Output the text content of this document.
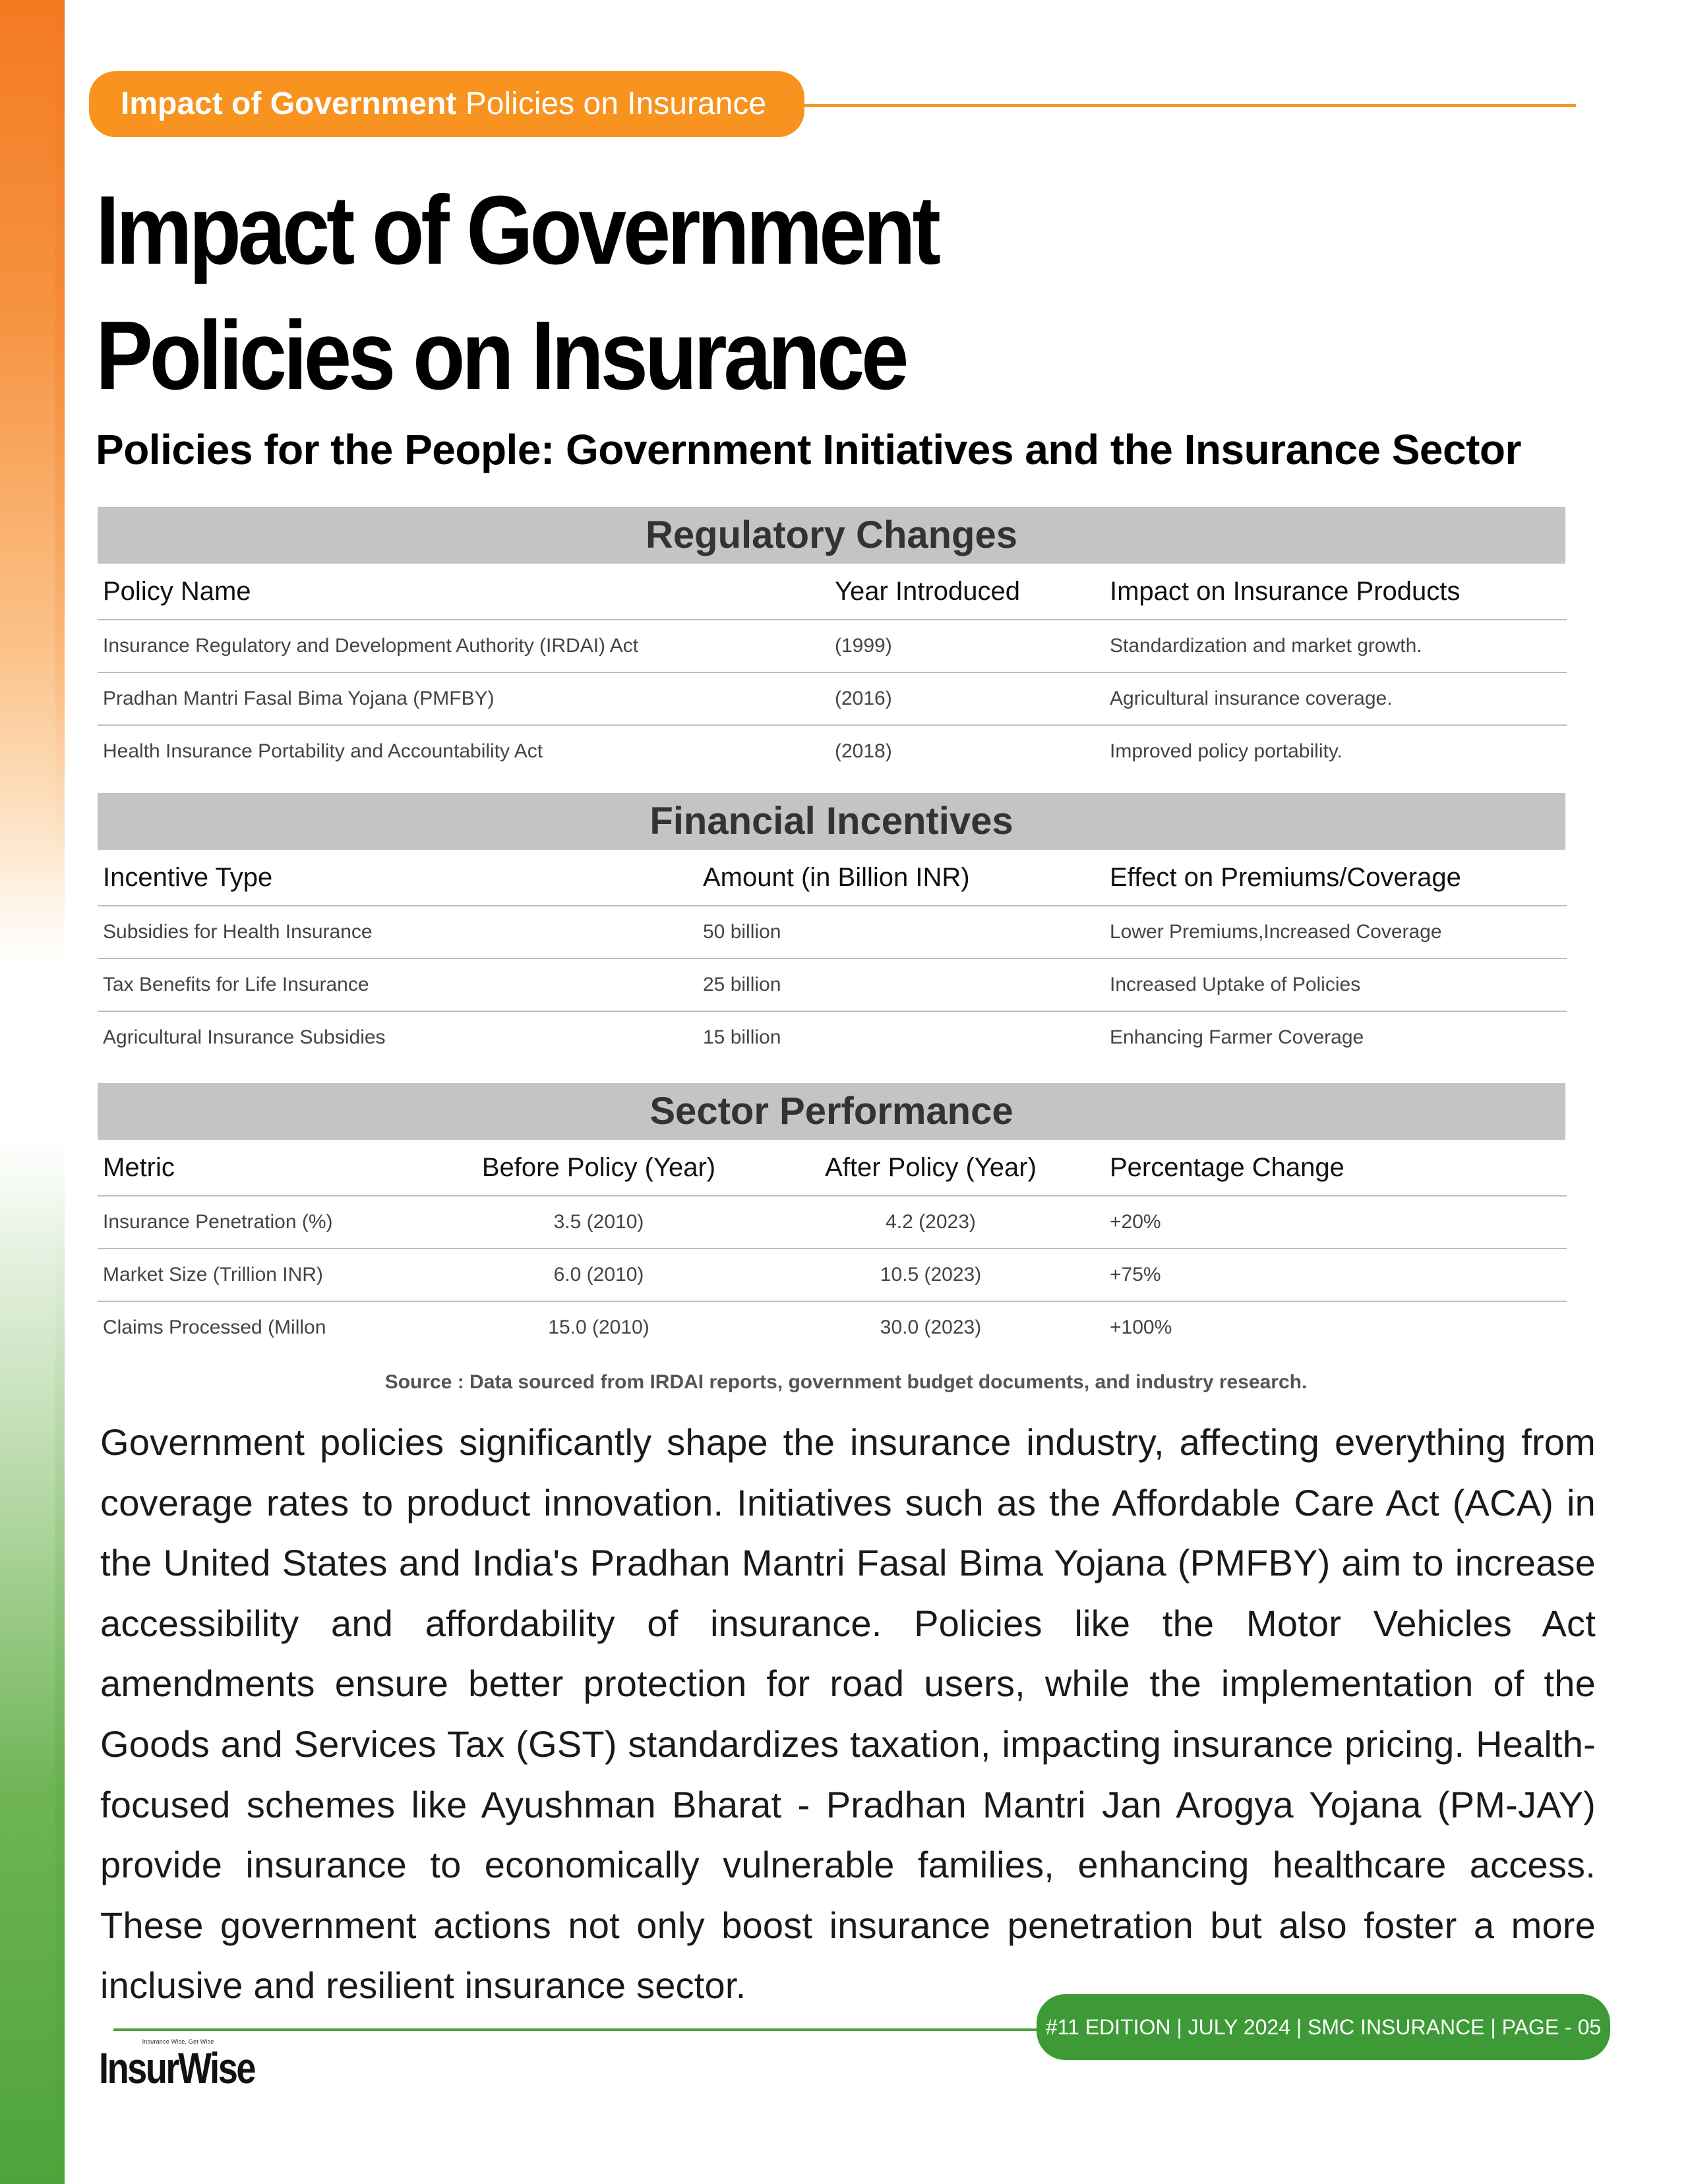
Impact of Government Policies on Insurance
Impact of Government
Policies on Insurance
Policies for the People: Government Initiatives and the Insurance Sector
Regulatory Changes
Policy Name	Year Introduced	Impact on Insurance Products
Insurance Regulatory and Development Authority (IRDAI) Act	(1999)	Standardization and market growth.
Pradhan Mantri Fasal Bima Yojana (PMFBY)	(2016)	Agricultural insurance coverage.
Health Insurance Portability and Accountability Act	(2018)	Improved policy portability.
Financial Incentives
Incentive Type	Amount (in Billion INR)	Effect on Premiums/Coverage
Subsidies for Health Insurance	50 billion	Lower Premiums,Increased Coverage
Tax Benefits for Life Insurance	25 billion	Increased Uptake of Policies
Agricultural Insurance Subsidies	15 billion	Enhancing Farmer Coverage
Sector Performance
Metric	Before Policy (Year)	After Policy (Year)	Percentage Change
Insurance Penetration (%)	3.5 (2010)	4.2 (2023)	+20%
Market Size (Trillion INR)	6.0 (2010)	10.5 (2023)	+75%
Claims Processed (Millon	15.0 (2010)	30.0 (2023)	+100%
Source : Data sourced from IRDAI reports, government budget documents, and industry research.
Government policies significantly shape the insurance industry, affecting everything from coverage rates to product innovation. Initiatives such as the Affordable Care Act (ACA) in the United States and India's Pradhan Mantri Fasal Bima Yojana (PMFBY) aim to increase accessibility and affordability of insurance. Policies like the Motor Vehicles Act amendments ensure better protection for road users, while the implementation of the Goods and Services Tax (GST) standardizes taxation, impacting insurance pricing. Health-focused schemes like Ayushman Bharat - Pradhan Mantri Jan Arogya Yojana (PM-JAY) provide insurance to economically vulnerable families, enhancing healthcare access. These government actions not only boost insurance penetration but also foster a more inclusive and resilient insurance sector.
#11 EDITION | JULY 2024 | SMC INSURANCE | PAGE - 05
Insurance Wise, Get Wise
InsurWise
